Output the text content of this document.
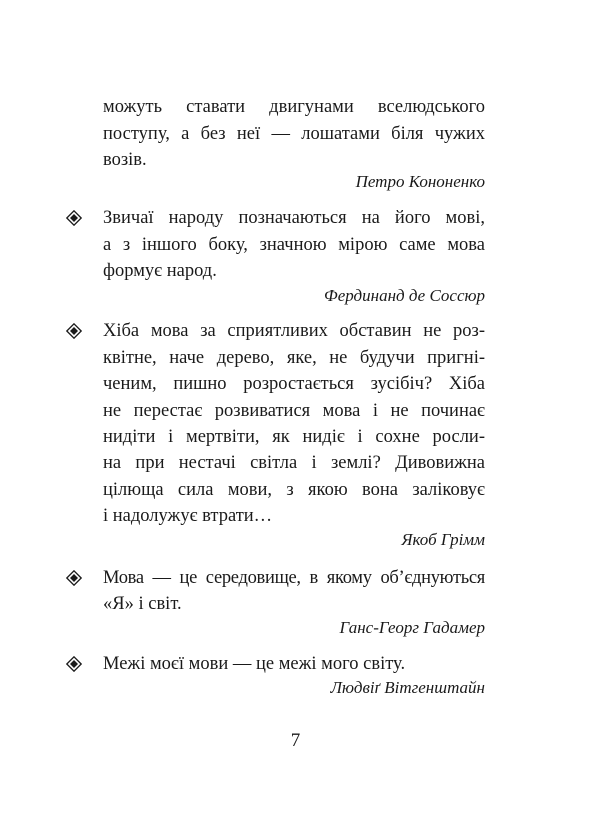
можуть ставати двигунами вселюдського
поступу, а без неї — лошатами біля чужих
возів.
Петро Кононенко
Звичаї народу позначаються на його мові,
а з іншого боку, значною мірою саме мова
формує народ.
Фердинанд де Соссюр
Хіба мова за сприятливих обставин не роз-
квітне, наче дерево, яке, не будучи пригні-
ченим, пишно розростається зусібіч? Хіба
не перестає розвиватися мова і не починає
нидіти і мертвіти, як нидіє і сохне росли-
на при нестачі світла і землі? Дивовижна
цілюща сила мови, з якою вона заліковує
і надолужує втрати…
Якоб Грімм
Мова — це середовище, в якому об’єднуються
«Я» і світ.
Ганс-Георг Гадамер
Межі моєї мови — це межі мого світу.
Людвіґ Вітгенштайн
7
